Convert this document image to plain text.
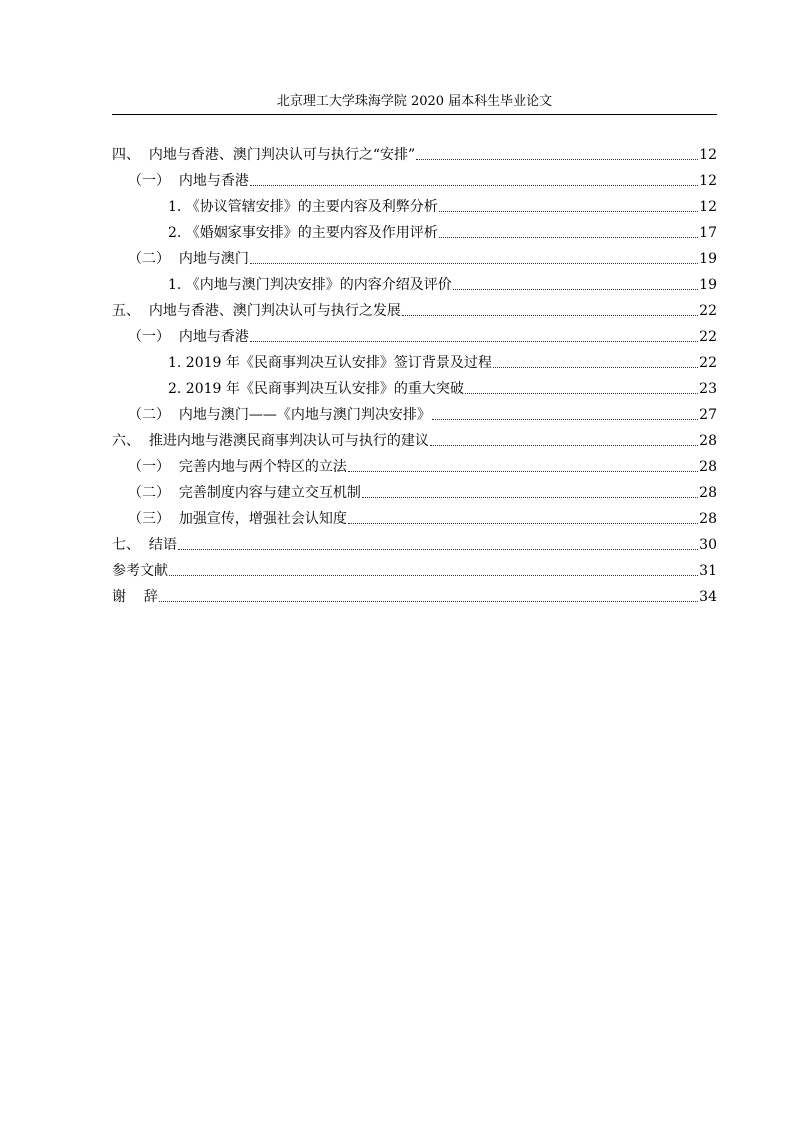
北京理工大学珠海学院 2020 届本科生毕业论文
四、  内地与香港、澳门判决认可与执行之“安排”	12
（一）  内地与香港	12
1. 《协议管辖安排》的主要内容及利弊分析	12
2. 《婚姻家事安排》的主要内容及作用评析	17
（二）  内地与澳门	19
1. 《内地与澳门判决安排》的内容介绍及评价	19
五、  内地与香港、澳门判决认可与执行之发展	22
（一）  内地与香港	22
1. 2019 年《民商事判决互认安排》签订背景及过程	22
2. 2019 年《民商事判决互认安排》的重大突破	23
（二）  内地与澳门——《内地与澳门判决安排》	27
六、  推进内地与港澳民商事判决认可与执行的建议	28
（一）  完善内地与两个特区的立法	28
（二）  完善制度内容与建立交互机制	28
（三）  加强宣传，增强社会认知度	28
七、  结语	30
参考文献	31
谢    辞	34
